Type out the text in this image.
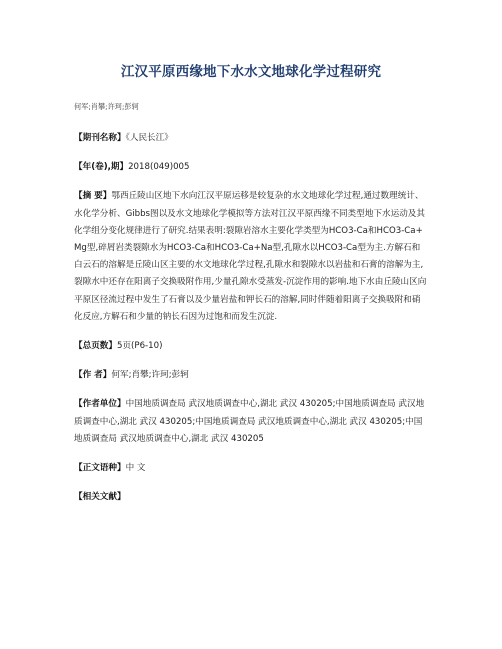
江汉平原西缘地下水水文地球化学过程研究
何军;肖攀;许珂;彭轲
【期刊名称】《人民长江》
【年(卷),期】2018(049)005
【摘 要】鄂西丘陵山区地下水向江汉平原运移是较复杂的水文地球化学过程,通过数理统计、水化学分析、Gibbs图以及水文地球化学模拟等方法对江汉平原西缘不同类型地下水运动及其化学组分变化规律进行了研究.结果表明:裂隙岩溶水主要化学类型为HCO3-Ca和HCO3-Ca+Mg型,碎屑岩类裂隙水为HCO3-Ca和HCO3-Ca+Na型,孔隙水以HCO3-Ca型为主.方解石和白云石的溶解是丘陵山区主要的水文地球化学过程,孔隙水和裂隙水以岩盐和石膏的溶解为主,裂隙水中还存在阳离子交换吸附作用,少量孔隙水受蒸发-沉淀作用的影响.地下水由丘陵山区向平原区径流过程中发生了石膏以及少量岩盐和钾长石的溶解,同时伴随着阳离子交换吸附和硝化反应,方解石和少量的钠长石因为过饱和而发生沉淀.
【总页数】5页(P6-10)
【作 者】何军;肖攀;许珂;彭轲
【作者单位】中国地质调查局 武汉地质调查中心,湖北 武汉 430205;中国地质调查局 武汉地质调查中心,湖北 武汉 430205;中国地质调查局 武汉地质调查中心,湖北 武汉 430205;中国地质调查局 武汉地质调查中心,湖北 武汉 430205
【正文语种】中 文
【相关文献】
